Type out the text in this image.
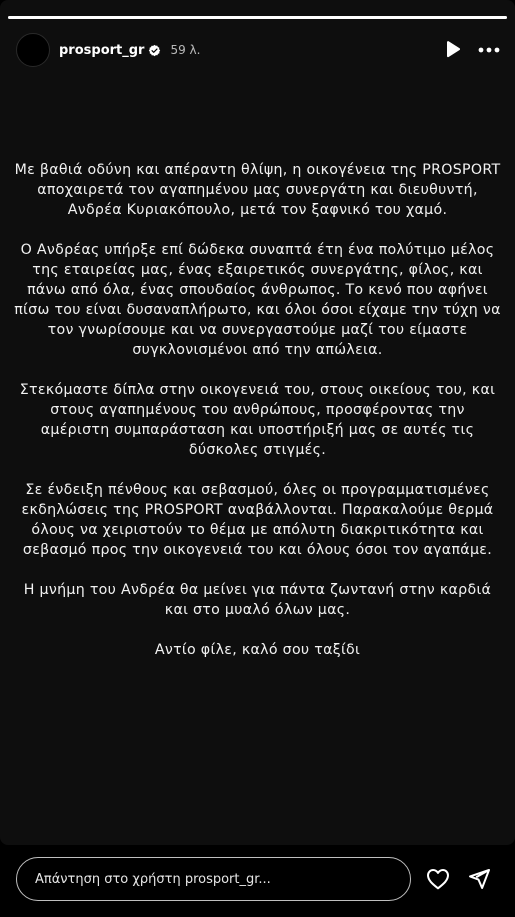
prosport_gr 59 λ.

Με βαθιά οδύνη και απέραντη θλίψη, η οικογένεια της PROSPORT αποχαιρετά τον αγαπημένου μας συνεργάτη και διευθυντή, Ανδρέα Κυριακόπουλο, μετά τον ξαφνικό του χαμό.

Ο Ανδρέας υπήρξε επί δώδεκα συναπτά έτη ένα πολύτιμο μέλος της εταιρείας μας, ένας εξαιρετικός συνεργάτης, φίλος, και πάνω από όλα, ένας σπουδαίος άνθρωπος. Το κενό που αφήνει πίσω του είναι δυσαναπλήρωτο, και όλοι όσοι είχαμε την τύχη να τον γνωρίσουμε και να συνεργαστούμε μαζί του είμαστε συγκλονισμένοι από την απώλεια.

Στεκόμαστε δίπλα στην οικογενειά του, στους οικείους του, και στους αγαπημένους του ανθρώπους, προσφέροντας την αμέριστη συμπαράσταση και υποστήριξή μας σε αυτές τις δύσκολες στιγμές.

Σε ένδειξη πένθους και σεβασμού, όλες οι προγραμματισμένες εκδηλώσεις της PROSPORT αναβάλλονται. Παρακαλούμε θερμά όλους να χειριστούν το θέμα με απόλυτη διακριτικότητα και σεβασμό προς την οικογενειά του και όλους όσοι τον αγαπάμε.

Η μνήμη του Ανδρέα θα μείνει για πάντα ζωντανή στην καρδιά και στο μυαλό όλων μας.

Αντίο φίλε, καλό σου ταξίδι

Απάντηση στο χρήστη prosport_gr...
